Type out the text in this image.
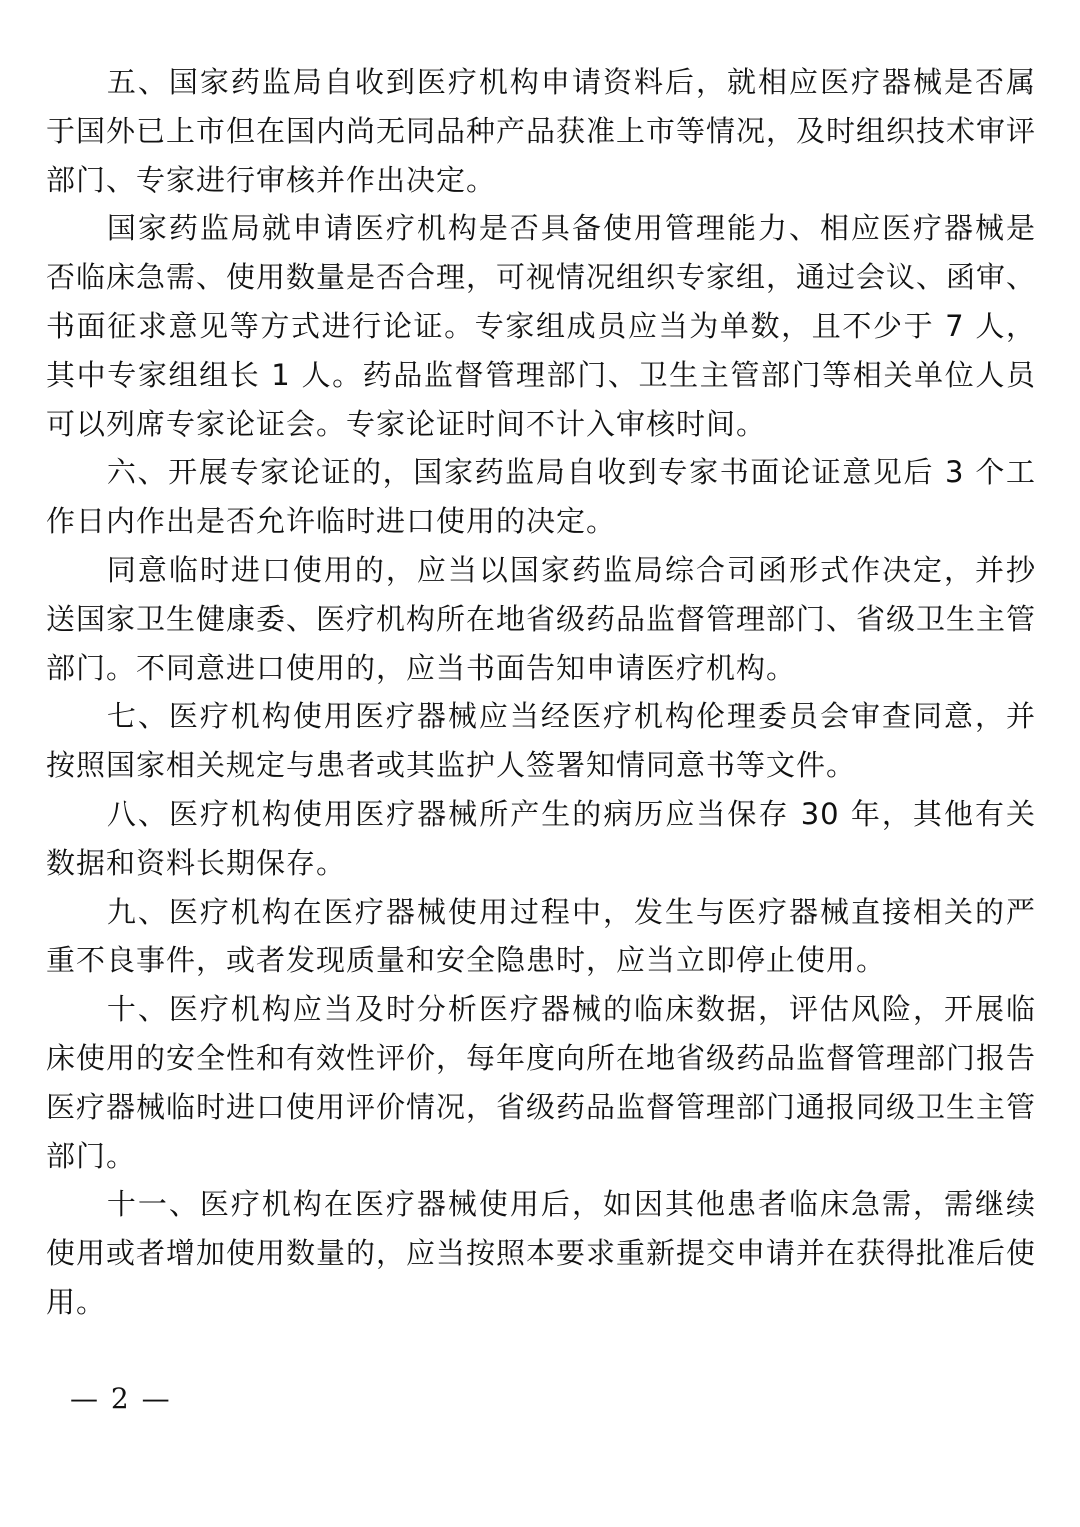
五、国家药监局自收到医疗机构申请资料后，就相应医疗器械是否属于国外已上市但在国内尚无同品种产品获准上市等情况，及时组织技术审评部门、专家进行审核并作出决定。

国家药监局就申请医疗机构是否具备使用管理能力、相应医疗器械是否临床急需、使用数量是否合理，可视情况组织专家组，通过会议、函审、书面征求意见等方式进行论证。专家组成员应当为单数，且不少于 7 人，其中专家组组长 1 人。药品监督管理部门、卫生主管部门等相关单位人员可以列席专家论证会。专家论证时间不计入审核时间。

六、开展专家论证的，国家药监局自收到专家书面论证意见后 3 个工作日内作出是否允许临时进口使用的决定。

同意临时进口使用的，应当以国家药监局综合司函形式作决定，并抄送国家卫生健康委、医疗机构所在地省级药品监督管理部门、省级卫生主管部门。不同意进口使用的，应当书面告知申请医疗机构。

七、医疗机构使用医疗器械应当经医疗机构伦理委员会审查同意，并按照国家相关规定与患者或其监护人签署知情同意书等文件。

八、医疗机构使用医疗器械所产生的病历应当保存 30 年，其他有关数据和资料长期保存。

九、医疗机构在医疗器械使用过程中，发生与医疗器械直接相关的严重不良事件，或者发现质量和安全隐患时，应当立即停止使用。

十、医疗机构应当及时分析医疗器械的临床数据，评估风险，开展临床使用的安全性和有效性评价，每年度向所在地省级药品监督管理部门报告医疗器械临时进口使用评价情况，省级药品监督管理部门通报同级卫生主管部门。

十一、医疗机构在医疗器械使用后，如因其他患者临床急需，需继续使用或者增加使用数量的，应当按照本要求重新提交申请并在获得批准后使用。

— 2 —
